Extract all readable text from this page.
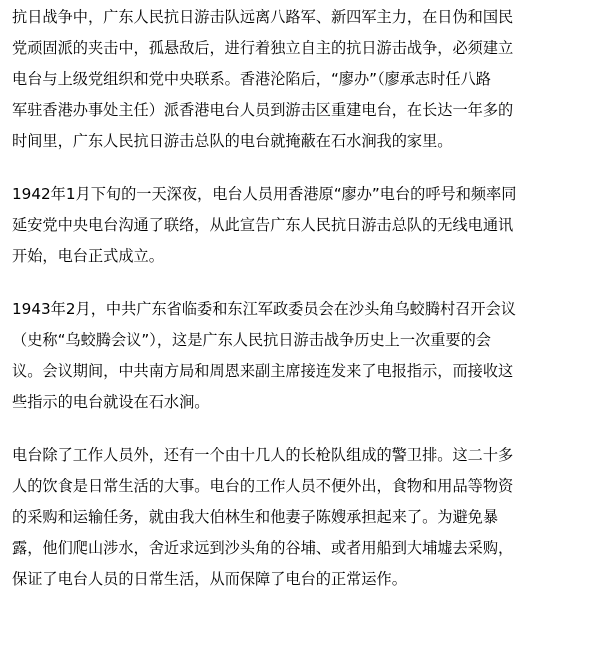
抗日战争中，广东人民抗日游击队远离八路军、新四军主力，在日伪和国民
党顽固派的夹击中，孤悬敌后，进行着独立自主的抗日游击战争，必须建立
电台与上级党组织和党中央联系。香港沦陷后，“廖办”（廖承志时任八路
军驻香港办事处主任）派香港电台人员到游击区重建电台，在长达一年多的
时间里，广东人民抗日游击总队的电台就掩蔽在石水涧我的家里。
1942年1月下旬的一天深夜，电台人员用香港原“廖办”电台的呼号和频率同
延安党中央电台沟通了联络，从此宣告广东人民抗日游击总队的无线电通讯
开始，电台正式成立。
1943年2月，中共广东省临委和东江军政委员会在沙头角乌蛟腾村召开会议
（史称“乌蛟腾会议”），这是广东人民抗日游击战争历史上一次重要的会
议。会议期间，中共南方局和周恩来副主席接连发来了电报指示，而接收这
些指示的电台就设在石水涧。
电台除了工作人员外，还有一个由十几人的长枪队组成的警卫排。这二十多
人的饮食是日常生活的大事。电台的工作人员不便外出，食物和用品等物资
的采购和运输任务，就由我大伯林生和他妻子陈嫂承担起来了。为避免暴
露，他们爬山涉水，舍近求远到沙头角的谷埔、或者用船到大埔墟去采购，
保证了电台人员的日常生活，从而保障了电台的正常运作。
